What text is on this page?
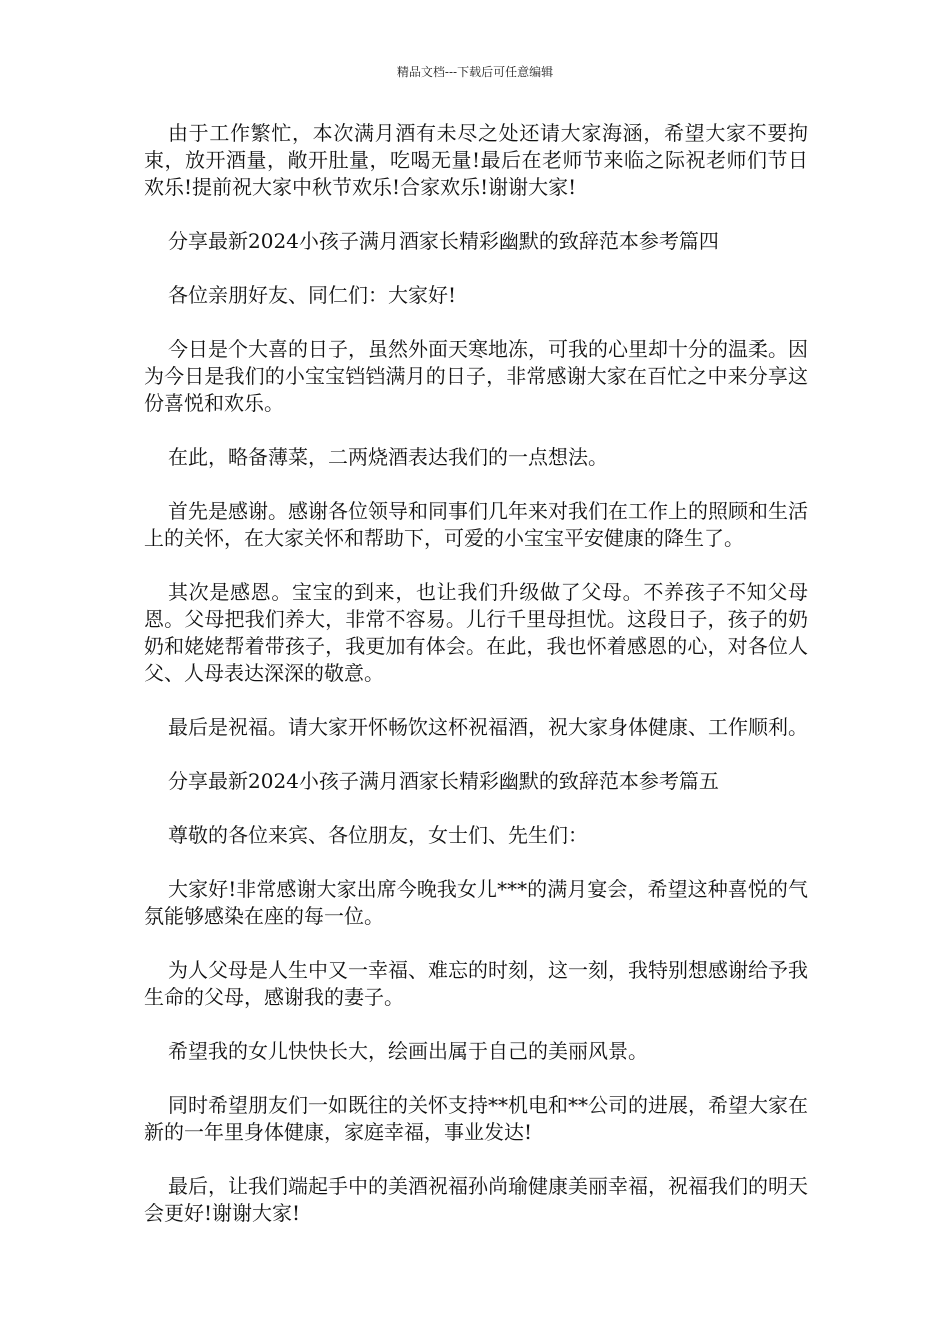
精品文档---下载后可任意编辑

由于工作繁忙，本次满月酒有未尽之处还请大家海涵，希望大家不要拘束，放开酒量，敞开肚量，吃喝无量!最后在老师节来临之际祝老师们节日欢乐!提前祝大家中秋节欢乐!合家欢乐!谢谢大家!

分享最新2024小孩子满月酒家长精彩幽默的致辞范本参考篇四

各位亲朋好友、同仁们：大家好!

今日是个大喜的日子，虽然外面天寒地冻，可我的心里却十分的温柔。因为今日是我们的小宝宝铛铛满月的日子，非常感谢大家在百忙之中来分享这份喜悦和欢乐。

在此，略备薄菜，二两烧酒表达我们的一点想法。

首先是感谢。感谢各位领导和同事们几年来对我们在工作上的照顾和生活上的关怀，在大家关怀和帮助下，可爱的小宝宝平安健康的降生了。

其次是感恩。宝宝的到来，也让我们升级做了父母。不养孩子不知父母恩。父母把我们养大，非常不容易。儿行千里母担忧。这段日子，孩子的奶奶和姥姥帮着带孩子，我更加有体会。在此，我也怀着感恩的心，对各位人父、人母表达深深的敬意。

最后是祝福。请大家开怀畅饮这杯祝福酒，祝大家身体健康、工作顺利。

分享最新2024小孩子满月酒家长精彩幽默的致辞范本参考篇五

尊敬的各位来宾、各位朋友，女士们、先生们：

大家好!非常感谢大家出席今晚我女儿***的满月宴会，希望这种喜悦的气氛能够感染在座的每一位。

为人父母是人生中又一幸福、难忘的时刻，这一刻，我特别想感谢给予我生命的父母，感谢我的妻子。

希望我的女儿快快长大，绘画出属于自己的美丽风景。

同时希望朋友们一如既往的关怀支持**机电和**公司的进展，希望大家在新的一年里身体健康，家庭幸福，事业发达!

最后，让我们端起手中的美酒祝福孙尚瑜健康美丽幸福，祝福我们的明天会更好!谢谢大家!
